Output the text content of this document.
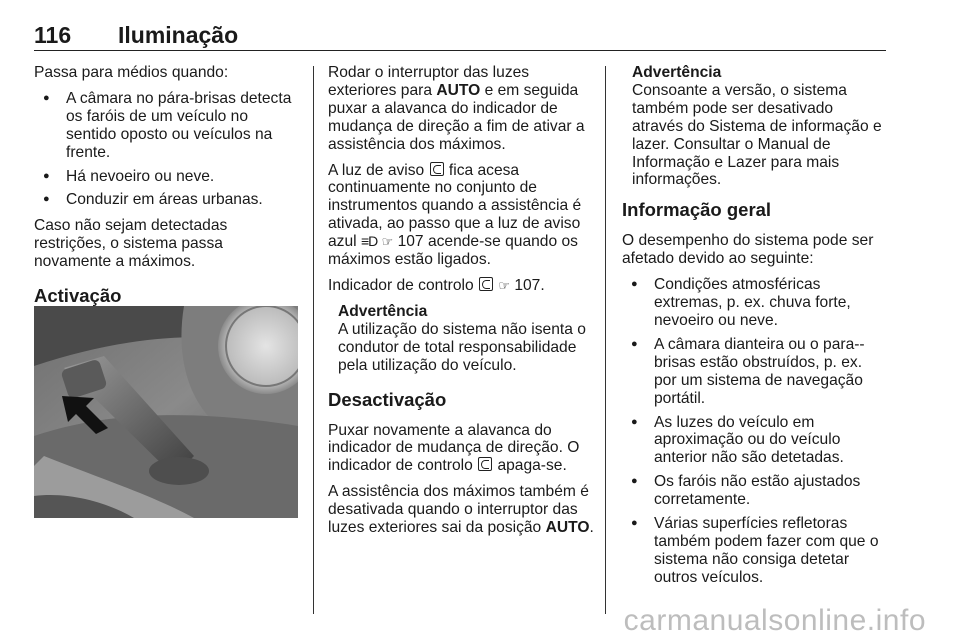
116 Iluminação

Passa para médios quando:

● A câmara no pára-brisas detecta os faróis de um veículo no sentido oposto ou veículos na frente.
● Há nevoeiro ou neve.
● Conduzir em áreas urbanas.

Caso não sejam detectadas restrições, o sistema passa novamente a máximos.

Activação

Rodar o interruptor das luzes exteriores para AUTO e em seguida puxar a alavanca do indicador de mudança de direção a fim de ativar a assistência dos máximos.

A luz de aviso  fica acesa continuamente no conjunto de instrumentos quando a assistência é ativada, ao passo que a luz de aviso azul ≡D ☞ 107 acende-se quando os máximos estão ligados.

Indicador de controlo  ☞ 107.

Advertência
A utilização do sistema não isenta o condutor de total responsabilidade pela utilização do veículo.
Desactivação

Puxar novamente a alavanca do indicador de mudança de direção. O indicador de controlo  apaga-se.

A assistência dos máximos também é desativada quando o interruptor das luzes exteriores sai da posição AUTO.

Advertência
Consoante a versão, o sistema também pode ser desativado através do Sistema de informação e lazer. Consultar o Manual de Informação e Lazer para mais informações.
Informação geral

O desempenho do sistema pode ser afetado devido ao seguinte:

● Condições atmosféricas extremas, p. ex. chuva forte, nevoeiro ou neve.
● A câmara dianteira ou o para--brisas estão obstruídos, p. ex. por um sistema de navegação portátil.
● As luzes do veículo em aproximação ou do veículo anterior não são detetadas.
● Os faróis não estão ajustados corretamente.
● Várias superfícies refletoras também podem fazer com que o sistema não consiga detetar outros veículos.
carmanualsonline.info
